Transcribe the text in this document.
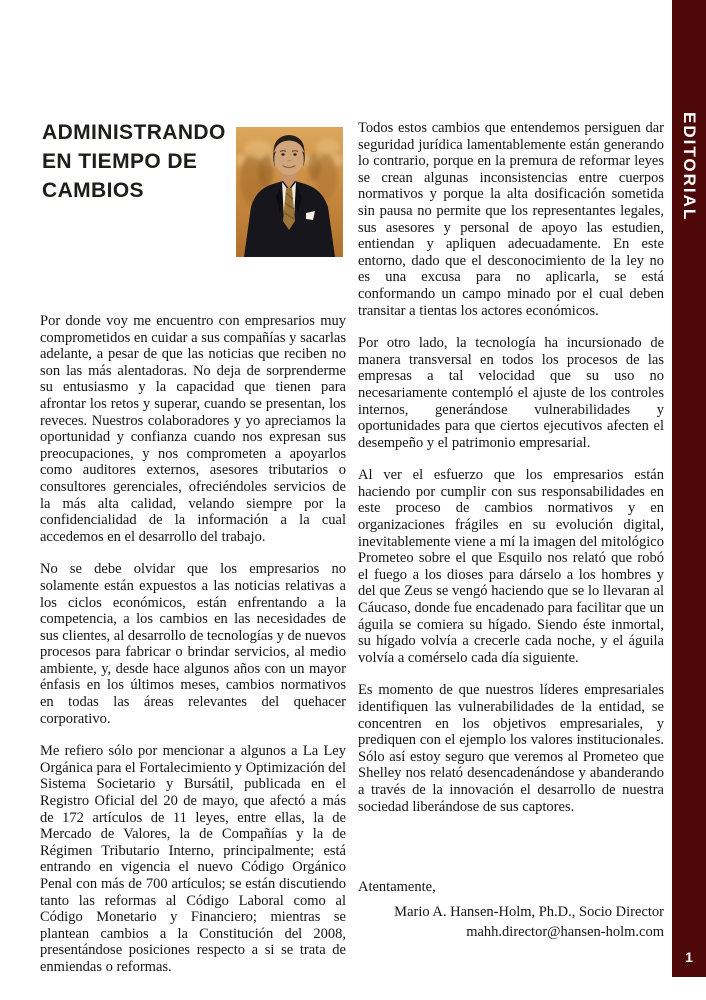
EDITORIAL
1
ADMINISTRANDO
EN TIEMPO DE
CAMBIOS

Por donde voy me encuentro con empresarios muy comprometidos en cuidar a sus compañías y sacarlas adelante, a pesar de que las noticias que reciben no son las más alentadoras. No deja de sorprenderme su entusiasmo y la capacidad que tienen para afrontar los retos y superar, cuando se presentan, los reveces. Nuestros colaboradores y yo apreciamos la oportunidad y confianza cuando nos expresan sus preocupaciones, y nos comprometen a apoyarlos como auditores externos, asesores tributarios o consultores gerenciales, ofreciéndoles servicios de la más alta calidad, velando siempre por la confidencialidad de la información a la cual accedemos en el desarrollo del trabajo.

No se debe olvidar que los empresarios no solamente están expuestos a las noticias relativas a los ciclos económicos, están enfrentando a la competencia, a los cambios en las necesidades de sus clientes, al desarrollo de tecnologías y de nuevos procesos para fabricar o brindar servicios, al medio ambiente, y, desde hace algunos años con un mayor énfasis en los últimos meses, cambios normativos en todas las áreas relevantes del quehacer corporativo.

Me refiero sólo por mencionar a algunos a La Ley Orgánica para el Fortalecimiento y Optimización del Sistema Societario y Bursátil, publicada en el Registro Oficial del 20 de mayo, que afectó a más de 172 artículos de 11 leyes, entre ellas, la de Mercado de Valores, la de Compañías y la de Régimen Tributario Interno, principalmente; está entrando en vigencia el nuevo Código Orgánico Penal con más de 700 artículos; se están discutiendo tanto las reformas al Código Laboral como al Código Monetario y Financiero; mientras se plantean cambios a la Constitución del 2008, presentándose posiciones respecto a si se trata de enmiendas o reformas.

Todos estos cambios que entendemos persiguen dar seguridad jurídica lamentablemente están generando lo contrario, porque en la premura de reformar leyes se crean algunas inconsistencias entre cuerpos normativos y porque la alta dosificación sometida sin pausa no permite que los representantes legales, sus asesores y personal de apoyo las estudien, entiendan y apliquen adecuadamente. En este entorno, dado que el desconocimiento de la ley no es una excusa para no aplicarla, se está conformando un campo minado por el cual deben transitar a tientas los actores económicos.

Por otro lado, la tecnología ha incursionado de manera transversal en todos los procesos de las empresas a tal velocidad que su uso no necesariamente contempló el ajuste de los controles internos, generándose vulnerabilidades y oportunidades para que ciertos ejecutivos afecten el desempeño y el patrimonio empresarial.

Al ver el esfuerzo que los empresarios están haciendo por cumplir con sus responsabilidades en este proceso de cambios normativos y en organizaciones frágiles en su evolución digital, inevitablemente viene a mí la imagen del mitológico Prometeo sobre el que Esquilo nos relató que robó el fuego a los dioses para dárselo a los hombres y del que Zeus se vengó haciendo que se lo llevaran al Cáucaso, donde fue encadenado para facilitar que un águila se comiera su hígado. Siendo éste inmortal, su hígado volvía a crecerle cada noche, y el águila volvía a comérselo cada día siguiente.

Es momento de que nuestros líderes empresariales identifiquen las vulnerabilidades de la entidad, se concentren en los objetivos empresariales, y prediquen con el ejemplo los valores institucionales. Sólo así estoy seguro que veremos al Prometeo que Shelley nos relató desencadenándose y abanderando a través de la innovación el desarrollo de nuestra sociedad liberándose de sus captores.

Atentamente,

Mario A. Hansen-Holm, Ph.D., Socio Director
mahh.director@hansen-holm.com
